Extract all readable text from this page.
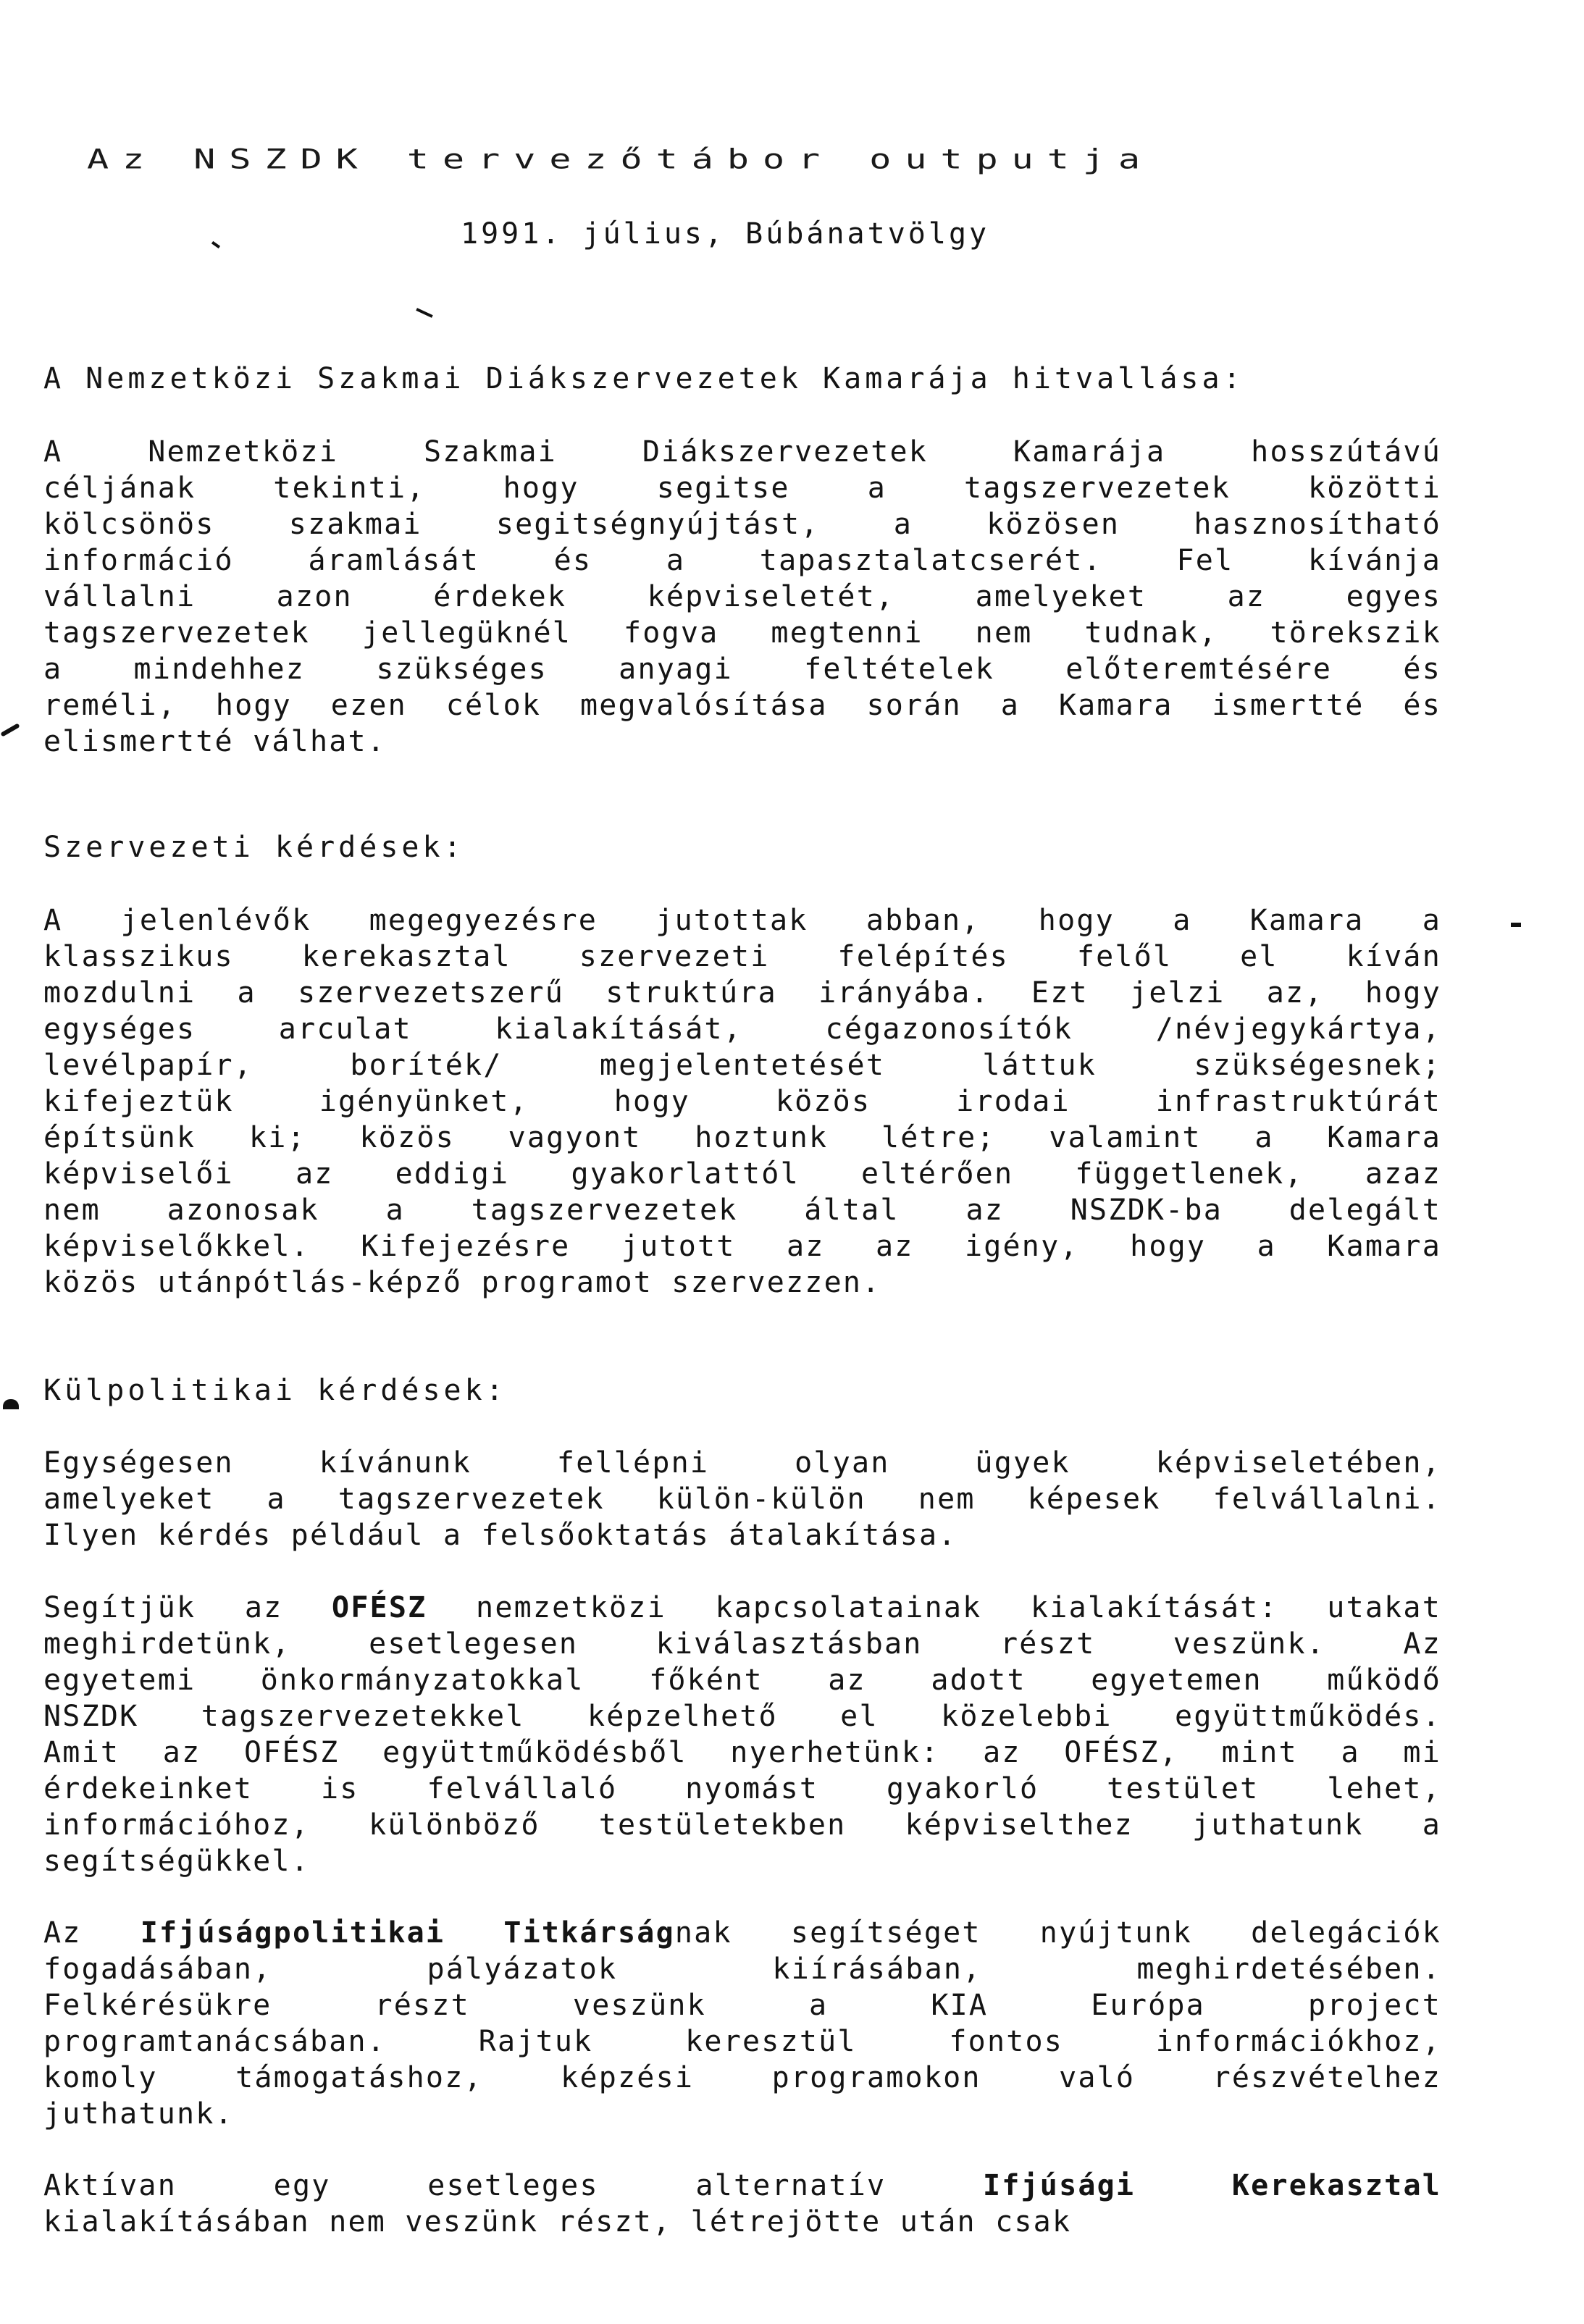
Az NSZDK tervezőtábor outputja
1991. július, Búbánatvölgy
A Nemzetközi Szakmai Diákszervezetek Kamarája hitvallása:
A Nemzetközi Szakmai Diákszervezetek Kamarája hosszútávú
céljának tekinti, hogy segitse a tagszervezetek közötti
kölcsönös szakmai segitségnyújtást, a közösen hasznosítható
információ áramlását és a tapasztalatcserét. Fel kívánja
vállalni azon érdekek képviseletét, amelyeket az egyes
tagszervezetek jellegüknél fogva megtenni nem tudnak, törekszik
a mindehhez szükséges anyagi feltételek előteremtésére és
reméli, hogy ezen célok megvalósítása során a Kamara ismertté és
elismertté válhat.
Szervezeti kérdések:
A jelenlévők megegyezésre jutottak abban, hogy a Kamara a
klasszikus kerekasztal szervezeti felépítés felől el kíván
mozdulni a szervezetszerű struktúra irányába. Ezt jelzi az, hogy
egységes arculat kialakítását, cégazonosítók /névjegykártya,
levélpapír, boríték/ megjelentetését láttuk szükségesnek;
kifejeztük igényünket, hogy közös irodai infrastruktúrát
építsünk ki; közös vagyont hoztunk létre; valamint a Kamara
képviselői az eddigi gyakorlattól eltérően függetlenek, azaz
nem azonosak a tagszervezetek által az NSZDK-ba delegált
képviselőkkel. Kifejezésre jutott az az igény, hogy a Kamara
közös utánpótlás-képző programot szervezzen.
Külpolitikai kérdések:
Egységesen kívánunk fellépni olyan ügyek képviseletében,
amelyeket a tagszervezetek külön-külön nem képesek felvállalni.
Ilyen kérdés például a felsőoktatás átalakítása.
Segítjük az OFÉSZ nemzetközi kapcsolatainak kialakítását: utakat
meghirdetünk, esetlegesen kiválasztásban részt veszünk. Az
egyetemi önkormányzatokkal főként az adott egyetemen működő
NSZDK tagszervezetekkel képzelhető el közelebbi együttműködés.
Amit az OFÉSZ együttműködésből nyerhetünk: az OFÉSZ, mint a mi
érdekeinket is felvállaló nyomást gyakorló testület lehet,
információhoz, különböző testületekben képviselthez juthatunk a
segítségükkel.
Az Ifjúságpolitikai Titkárságnak segítséget nyújtunk delegációk
fogadásában, pályázatok kiírásában, meghirdetésében.
Felkérésükre részt veszünk a KIA Európa project
programtanácsában. Rajtuk keresztül fontos információkhoz,
komoly támogatáshoz, képzési programokon való részvételhez
juthatunk.
Aktívan egy esetleges alternatív Ifjúsági Kerekasztal
kialakításában nem veszünk részt, létrejötte után csak
